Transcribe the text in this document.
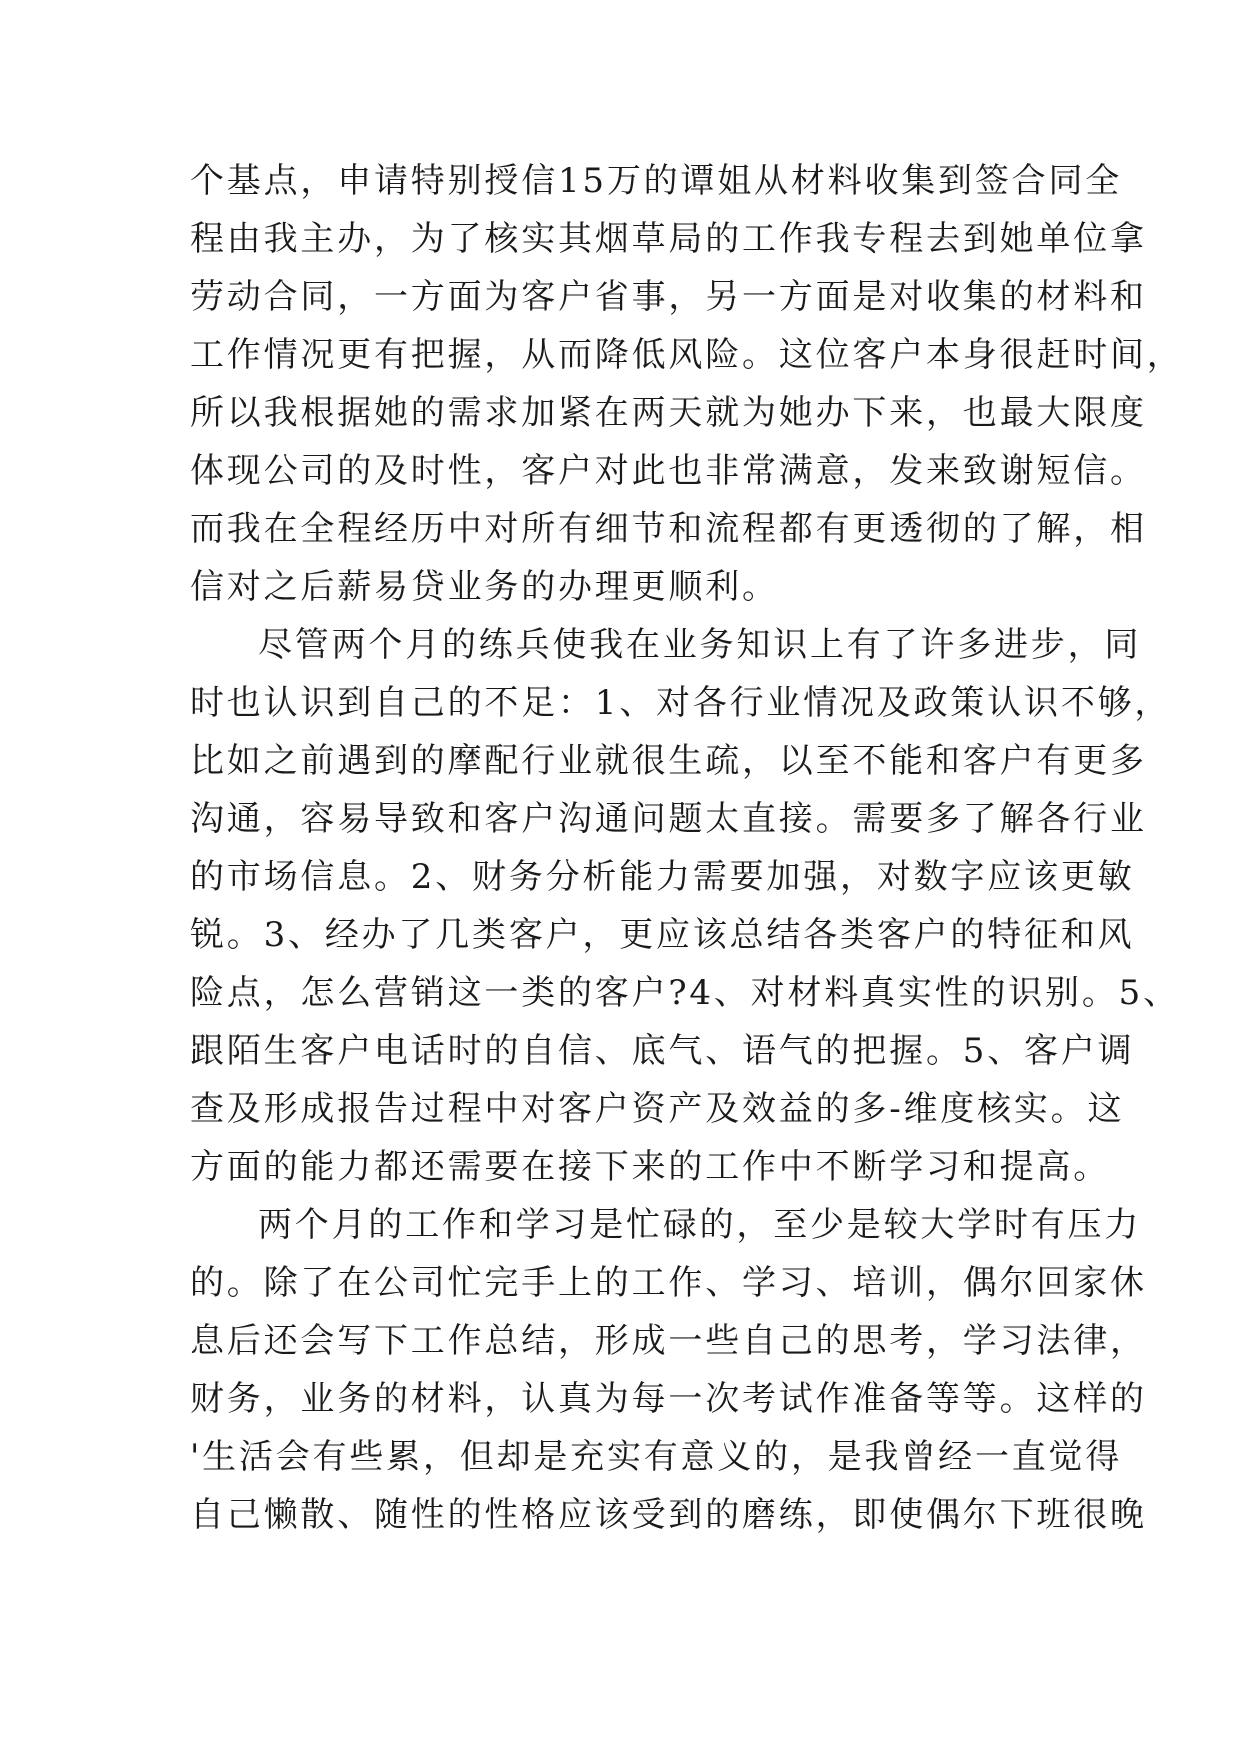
个基点，申请特别授信15万的谭姐从材料收集到签合同全
程由我主办，为了核实其烟草局的工作我专程去到她单位拿
劳动合同，一方面为客户省事，另一方面是对收集的材料和
工作情况更有把握，从而降低风险。这位客户本身很赶时间，
所以我根据她的需求加紧在两天就为她办下来，也最大限度
体现公司的及时性，客户对此也非常满意，发来致谢短信。
而我在全程经历中对所有细节和流程都有更透彻的了解，相
信对之后薪易贷业务的办理更顺利。
尽管两个月的练兵使我在业务知识上有了许多进步，同
时也认识到自己的不足：1、对各行业情况及政策认识不够，
比如之前遇到的摩配行业就很生疏，以至不能和客户有更多
沟通，容易导致和客户沟通问题太直接。需要多了解各行业
的市场信息。2、财务分析能力需要加强，对数字应该更敏
锐。3、经办了几类客户，更应该总结各类客户的特征和风
险点，怎么营销这一类的客户?4、对材料真实性的识别。5、
跟陌生客户电话时的自信、底气、语气的把握。5、客户调
查及形成报告过程中对客户资产及效益的多-维度核实。这
方面的能力都还需要在接下来的工作中不断学习和提高。
两个月的工作和学习是忙碌的，至少是较大学时有压力
的。除了在公司忙完手上的工作、学习、培训，偶尔回家休
息后还会写下工作总结，形成一些自己的思考，学习法律，
财务，业务的材料，认真为每一次考试作准备等等。这样的
'生活会有些累，但却是充实有意义的，是我曾经一直觉得
自己懒散、随性的性格应该受到的磨练，即使偶尔下班很晚
